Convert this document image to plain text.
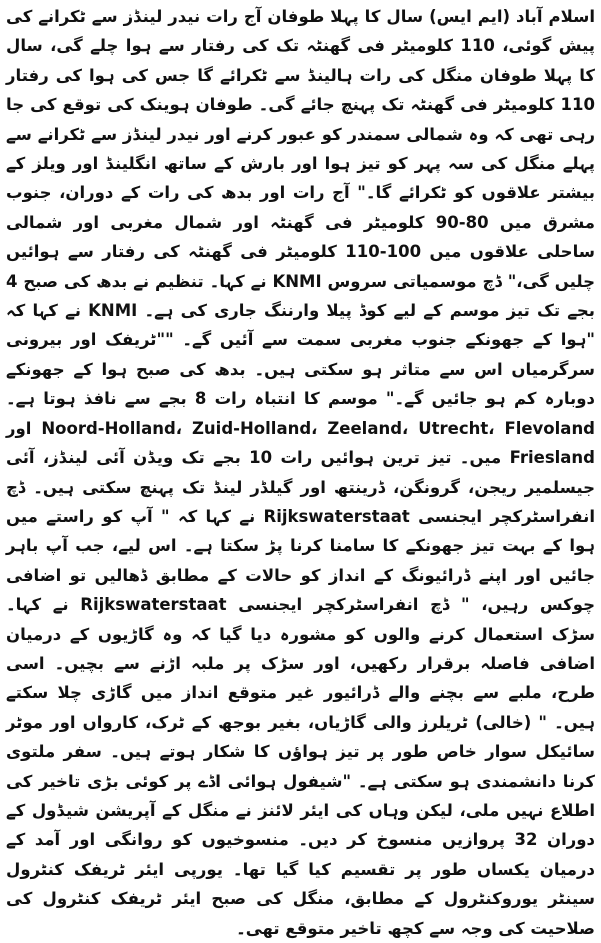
اسلام آباد (ایم ایس) سال کا پہلا طوفان آج رات نیدر لینڈز سے ٹکرانے کی پیش گوئی، 110 کلومیٹر فی گھنٹہ تک کی رفتار سے ہوا چلے گی، سال کا پہلا طوفان منگل کی رات ہالینڈ سے ٹکرائے گا جس کی ہوا کی رفتار 110 کلومیٹر فی گھنٹہ تک پہنچ جائے گی۔ طوفان ہوینک کی توقع کی جا رہی تھی کہ وہ شمالی سمندر کو عبور کرنے اور نیدر لینڈز سے ٹکرانے سے پہلے منگل کی سہ پہر کو تیز ہوا اور بارش کے ساتھ انگلینڈ اور ویلز کے بیشتر علاقوں کو ٹکرائے گا۔" آج رات اور بدھ کی رات کے دوران، جنوب مشرق میں 80-90 کلومیٹر فی گھنٹہ اور شمال مغربی اور شمالی ساحلی علاقوں میں 100-110 کلومیٹر فی گھنٹہ کی رفتار سے ہوائیں چلیں گی،" ڈچ موسمیاتی سروس KNMI نے کہا۔ تنظیم نے بدھ کی صبح 4 بجے تک تیز موسم کے لیے کوڈ پیلا وارننگ جاری کی ہے۔ KNMI نے کہا کہ "ہوا کے جھونکے جنوب مغربی سمت سے آئیں گے۔ ""ٹریفک اور بیرونی سرگرمیاں اس سے متاثر ہو سکتی ہیں۔ بدھ کی صبح ہوا کے جھونکے دوبارہ کم ہو جائیں گے۔" موسم کا انتباہ رات 8 بجے سے نافذ ہوتا ہے۔ Noord-Holland، Zuid-Holland، Zeeland، Utrecht، Flevoland اور Friesland میں۔ تیز ترین ہوائیں رات 10 بجے تک ویڈن آئی لینڈز، آئی جیسلمیر ریجن، گرونگن، ڈرینتھ اور گیلڈر لینڈ تک پہنچ سکتی ہیں۔ ڈچ انفراسٹرکچر ایجنسی Rijkswaterstaat نے کہا کہ " آپ کو راستے میں ہوا کے بہت تیز جھونکے کا سامنا کرنا پڑ سکتا ہے۔ اس لیے، جب آپ باہر جائیں اور اپنے ڈرائیونگ کے انداز کو حالات کے مطابق ڈھالیں تو اضافی چوکس رہیں، " ڈچ انفراسٹرکچر ایجنسی Rijkswaterstaat نے کہا۔ سڑک استعمال کرنے والوں کو مشورہ دیا گیا کہ وہ گاڑیوں کے درمیان اضافی فاصلہ برقرار رکھیں، اور سڑک پر ملبہ اڑنے سے بچیں۔ اسی طرح، ملبے سے بچنے والے ڈرائیور غیر متوقع انداز میں گاڑی چلا سکتے ہیں۔ " (خالی) ٹریلرز والی گاڑیاں، بغیر بوجھ کے ٹرک، کارواں اور موٹر سائیکل سوار خاص طور پر تیز ہواؤں کا شکار ہوتے ہیں۔ سفر ملتوی کرنا دانشمندی ہو سکتی ہے۔ "شیفول ہوائی اڈے پر کوئی بڑی تاخیر کی اطلاع نہیں ملی، لیکن وہاں کی ایئر لائنز نے منگل کے آپریشن شیڈول کے دوران 32 پروازیں منسوخ کر دیں۔ منسوخیوں کو روانگی اور آمد کے درمیان یکساں طور پر تقسیم کیا گیا تھا۔ یورپی ایئر ٹریفک کنٹرول سینٹر یوروکنٹرول کے مطابق، منگل کی صبح ایئر ٹریفک کنٹرول کی صلاحیت کی وجہ سے کچھ تاخیر متوقع تھی۔
